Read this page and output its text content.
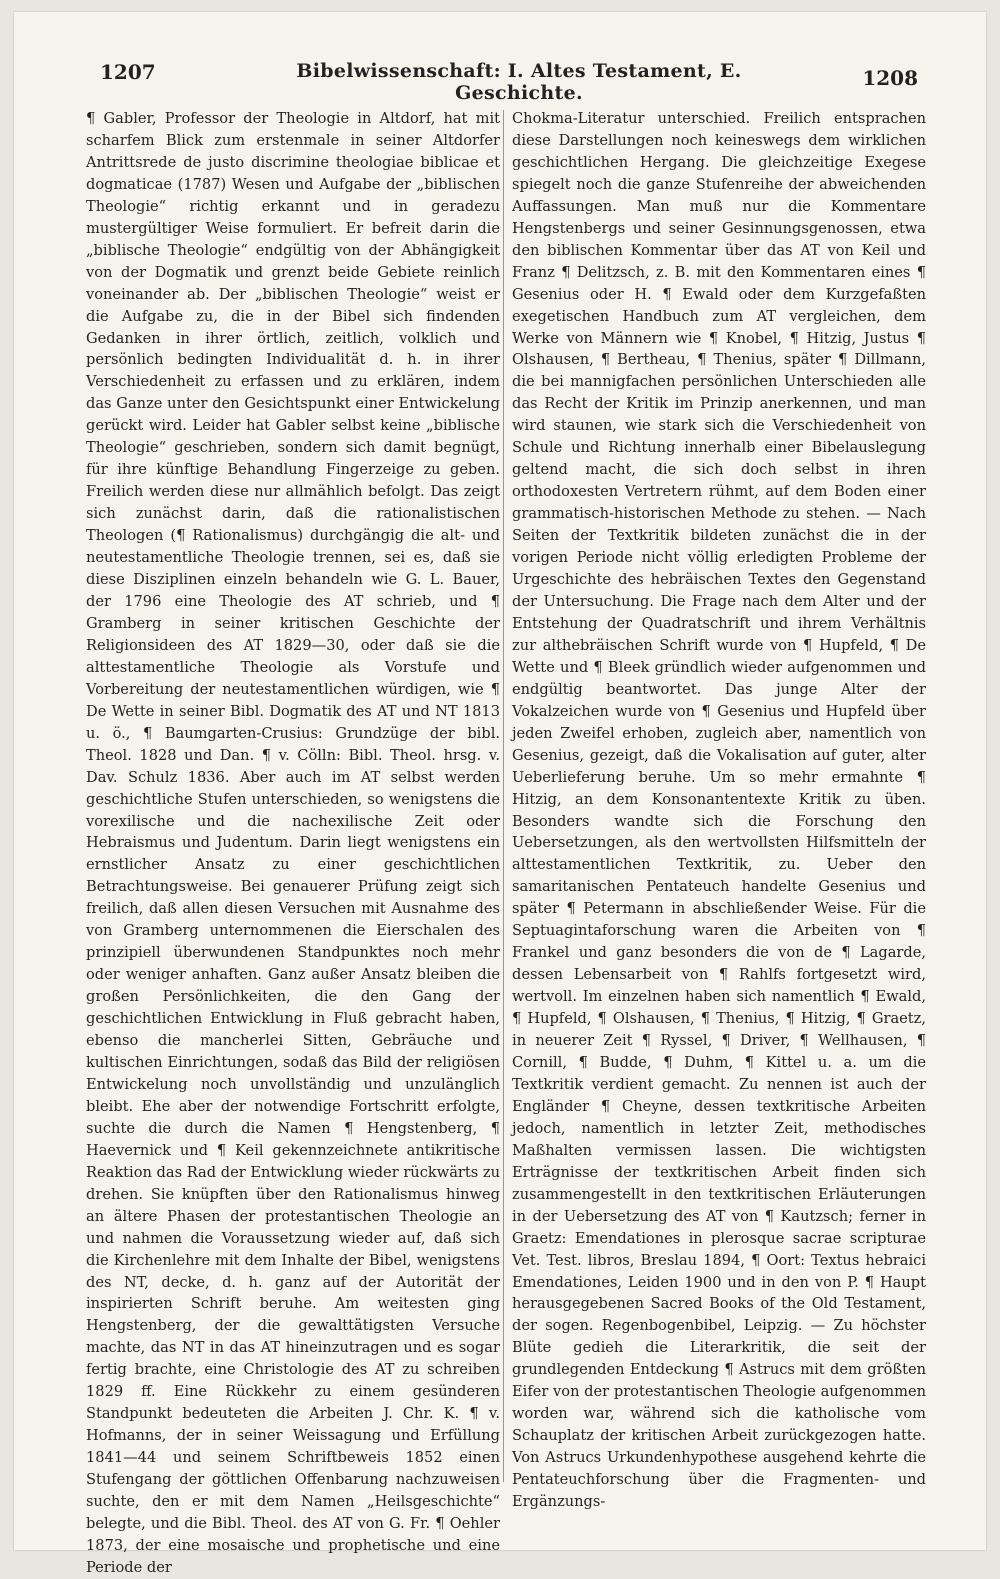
1207	Bibelwissenschaft: I. Altes Testament, E. Geschichte.
1208

¶ Gabler, Professor der Theologie in Altdorf, hat mit scharfem Blick zum erstenmale in seiner Altdorfer Antrittsrede de justo discrimine theologiae biblicae et dogmaticae (1787) Wesen und Aufgabe der „biblischen Theologie“ richtig erkannt und in geradezu mustergültiger Weise formuliert. Er befreit darin die „biblische Theologie“ endgültig von der Abhängigkeit von der Dogmatik und grenzt beide Gebiete reinlich voneinander ab. Der „biblischen Theologie“ weist er die Aufgabe zu, die in der Bibel sich findenden Gedanken in ihrer örtlich, zeitlich, volklich und persönlich bedingten Individualität d. h. in ihrer Verschiedenheit zu erfassen und zu erklären, indem das Ganze unter den Gesichtspunkt einer Entwickelung gerückt wird. Leider hat Gabler selbst keine „biblische Theologie“ geschrieben, sondern sich damit begnügt, für ihre künftige Behandlung Fingerzeige zu geben. Freilich werden diese nur allmählich befolgt. Das zeigt sich zunächst darin, daß die rationalistischen Theologen (¶ Rationalismus) durchgängig die alt- und neutestamentliche Theologie trennen, sei es, daß sie diese Disziplinen einzeln behandeln wie G. L. Bauer, der 1796 eine Theologie des AT schrieb, und ¶ Gramberg in seiner kritischen Geschichte der Religionsideen des AT 1829—30, oder daß sie die alttestamentliche Theologie als Vorstufe und Vorbereitung der neutestamentlichen würdigen, wie ¶ De Wette in seiner Bibl. Dogmatik des AT und NT 1813 u. ö., ¶ Baumgarten-Crusius: Grundzüge der bibl. Theol. 1828 und Dan. ¶ v. Cölln: Bibl. Theol. hrsg. v. Dav. Schulz 1836. Aber auch im AT selbst werden geschichtliche Stufen unterschieden, so wenigstens die vorexilische und die nachexilische Zeit oder Hebraismus und Judentum. Darin liegt wenigstens ein ernstlicher Ansatz zu einer geschichtlichen Betrachtungsweise. Bei genauerer Prüfung zeigt sich freilich, daß allen diesen Versuchen mit Ausnahme des von Gramberg unternommenen die Eierschalen des prinzipiell überwundenen Standpunktes noch mehr oder weniger anhaften. Ganz außer Ansatz bleiben die großen Persönlichkeiten, die den Gang der geschichtlichen Entwicklung in Fluß gebracht haben, ebenso die mancherlei Sitten, Gebräuche und kultischen Einrichtungen, sodaß das Bild der religiösen Entwickelung noch unvollständig und unzulänglich bleibt. Ehe aber der notwendige Fortschritt erfolgte, suchte die durch die Namen ¶ Hengstenberg, ¶ Haevernick und ¶ Keil gekennzeichnete antikritische Reaktion das Rad der Entwicklung wieder rückwärts zu drehen. Sie knüpften über den Rationalismus hinweg an ältere Phasen der protestantischen Theologie an und nahmen die Voraussetzung wieder auf, daß sich die Kirchenlehre mit dem Inhalte der Bibel, wenigstens des NT, decke, d. h. ganz auf der Autorität der inspirierten Schrift beruhe. Am weitesten ging Hengstenberg, der die gewalttätigsten Versuche machte, das NT in das AT hineinzutragen und es sogar fertig brachte, eine Christologie des AT zu schreiben 1829 ff. Eine Rückkehr zu einem gesünderen Standpunkt bedeuteten die Arbeiten J. Chr. K. ¶ v. Hofmanns, der in seiner Weissagung und Erfüllung 1841—44 und seinem Schriftbeweis 1852 einen Stufengang der göttlichen Offenbarung nachzuweisen suchte, den er mit dem Namen „Heilsgeschichte“ belegte, und die Bibl. Theol. des AT von G. Fr. ¶ Oehler 1873, der eine mosaische und prophetische und eine Periode der

Chokma-Literatur unterschied. Freilich entsprachen diese Darstellungen noch keineswegs dem wirklichen geschichtlichen Hergang. Die gleichzeitige Exegese spiegelt noch die ganze Stufenreihe der abweichenden Auffassungen. Man muß nur die Kommentare Hengstenbergs und seiner Gesinnungsgenossen, etwa den biblischen Kommentar über das AT von Keil und Franz ¶ Delitzsch, z. B. mit den Kommentaren eines ¶ Gesenius oder H. ¶ Ewald oder dem Kurzgefaßten exegetischen Handbuch zum AT vergleichen, dem Werke von Männern wie ¶ Knobel, ¶ Hitzig, Justus ¶ Olshausen, ¶ Bertheau, ¶ Thenius, später ¶ Dillmann, die bei mannigfachen persönlichen Unterschieden alle das Recht der Kritik im Prinzip anerkennen, und man wird staunen, wie stark sich die Verschiedenheit von Schule und Richtung innerhalb einer Bibelauslegung geltend macht, die sich doch selbst in ihren orthodoxesten Vertretern rühmt, auf dem Boden einer grammatisch-historischen Methode zu stehen. — Nach Seiten der Textkritik bildeten zunächst die in der vorigen Periode nicht völlig erledigten Probleme der Urgeschichte des hebräischen Textes den Gegenstand der Untersuchung. Die Frage nach dem Alter und der Entstehung der Quadratschrift und ihrem Verhältnis zur althebräischen Schrift wurde von ¶ Hupfeld, ¶ De Wette und ¶ Bleek gründlich wieder aufgenommen und endgültig beantwortet. Das junge Alter der Vokalzeichen wurde von ¶ Gesenius und Hupfeld über jeden Zweifel erhoben, zugleich aber, namentlich von Gesenius, gezeigt, daß die Vokalisation auf guter, alter Ueberlieferung beruhe. Um so mehr ermahnte ¶ Hitzig, an dem Konsonantentexte Kritik zu üben. Besonders wandte sich die Forschung den Uebersetzungen, als den wertvollsten Hilfsmitteln der alttestamentlichen Textkritik, zu. Ueber den samaritanischen Pentateuch handelte Gesenius und später ¶ Petermann in abschließender Weise. Für die Septuagintaforschung waren die Arbeiten von ¶ Frankel und ganz besonders die von de ¶ Lagarde, dessen Lebensarbeit von ¶ Rahlfs fortgesetzt wird, wertvoll. Im einzelnen haben sich namentlich ¶ Ewald, ¶ Hupfeld, ¶ Olshausen, ¶ Thenius, ¶ Hitzig, ¶ Graetz, in neuerer Zeit ¶ Ryssel, ¶ Driver, ¶ Wellhausen, ¶ Cornill, ¶ Budde, ¶ Duhm, ¶ Kittel u. a. um die Textkritik verdient gemacht. Zu nennen ist auch der Engländer ¶ Cheyne, dessen textkritische Arbeiten jedoch, namentlich in letzter Zeit, methodisches Maßhalten vermissen lassen. Die wichtigsten Erträgnisse der textkritischen Arbeit finden sich zusammengestellt in den textkritischen Erläuterungen in der Uebersetzung des AT von ¶ Kautzsch; ferner in Graetz: Emendationes in plerosque sacrae scripturae Vet. Test. libros, Breslau 1894, ¶ Oort: Textus hebraici Emendationes, Leiden 1900 und in den von P. ¶ Haupt herausgegebenen Sacred Books of the Old Testament, der sogen. Regenbogenbibel, Leipzig. — Zu höchster Blüte gedieh die Literarkritik, die seit der grundlegenden Entdeckung ¶ Astrucs mit dem größten Eifer von der protestantischen Theologie aufgenommen worden war, während sich die katholische vom Schauplatz der kritischen Arbeit zurückgezogen hatte. Von Astrucs Urkundenhypothese ausgehend kehrte die Pentateuchforschung über die Fragmenten- und Ergänzungs-
